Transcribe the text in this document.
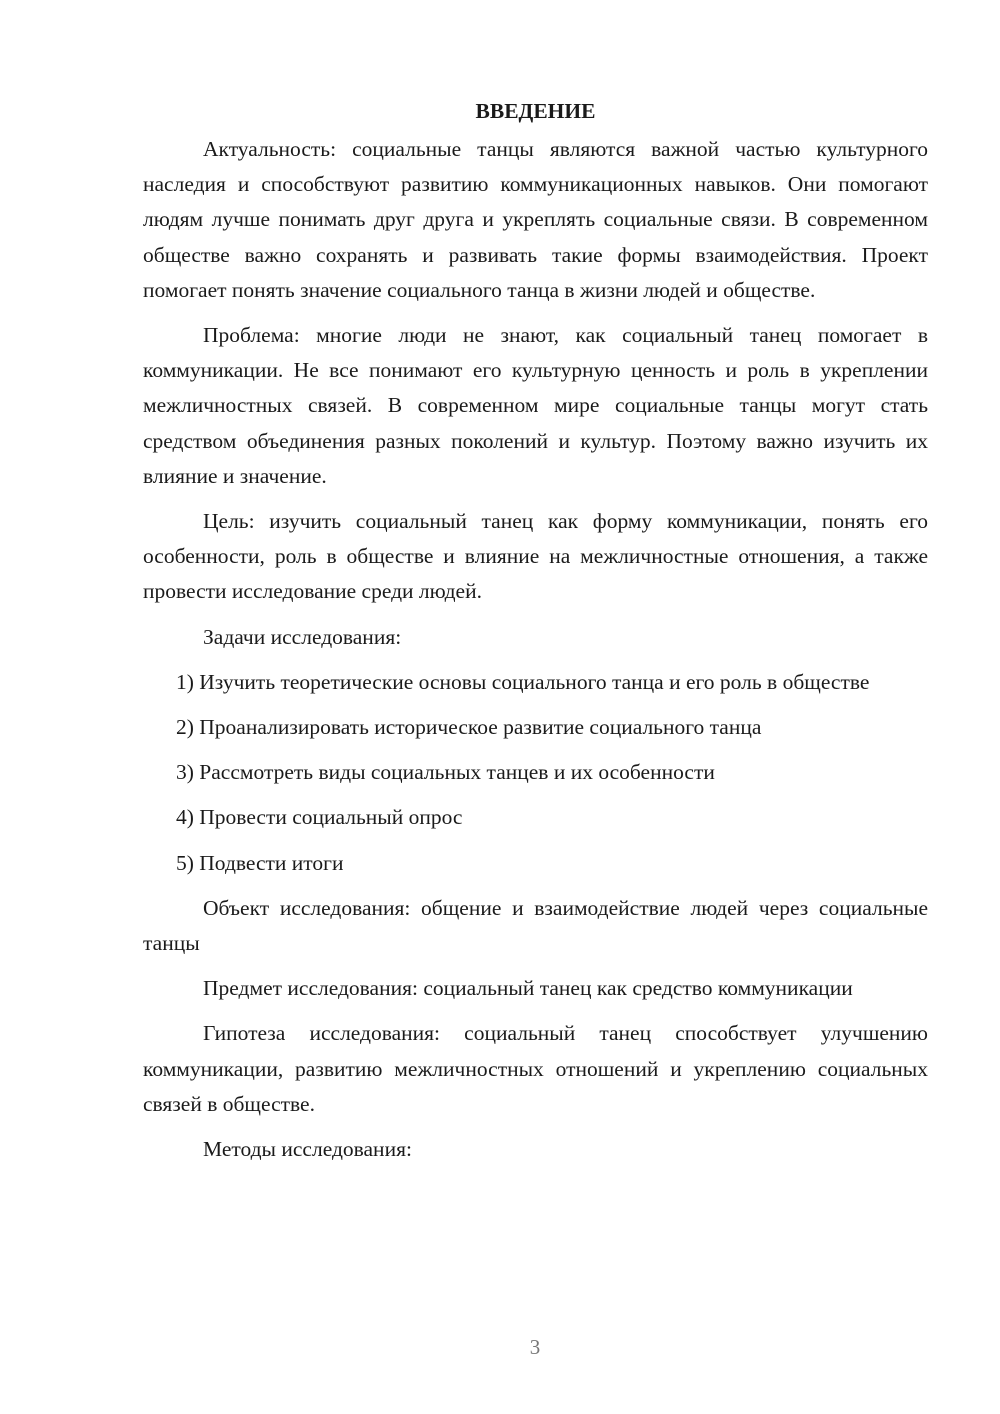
ВВЕДЕНИЕ

Актуальность: социальные танцы являются важной частью культурного наследия и способствуют развитию коммуникационных навыков. Они помогают людям лучше понимать друг друга и укреплять социальные связи. В современном обществе важно сохранять и развивать такие формы взаимодействия. Проект помогает понять значение социального танца в жизни людей и обществе.

Проблема: многие люди не знают, как социальный танец помогает в коммуникации. Не все понимают его культурную ценность и роль в укреплении межличностных связей. В современном мире социальные танцы могут стать средством объединения разных поколений и культур. Поэтому важно изучить их влияние и значение.

Цель: изучить социальный танец как форму коммуникации, понять его особенности, роль в обществе и влияние на межличностные отношения, а также провести исследование среди людей.

Задачи исследования:

1) Изучить теоретические основы социального танца и его роль в обществе

2) Проанализировать историческое развитие социального танца

3) Рассмотреть виды социальных танцев и их особенности

4) Провести социальный опрос

5) Подвести итоги

Объект исследования: общение и взаимодействие людей через социальные танцы

Предмет исследования: социальный танец как средство коммуникации

Гипотеза исследования: социальный танец способствует улучшению коммуникации, развитию межличностных отношений и укреплению социальных связей в обществе.

Методы исследования:

3
